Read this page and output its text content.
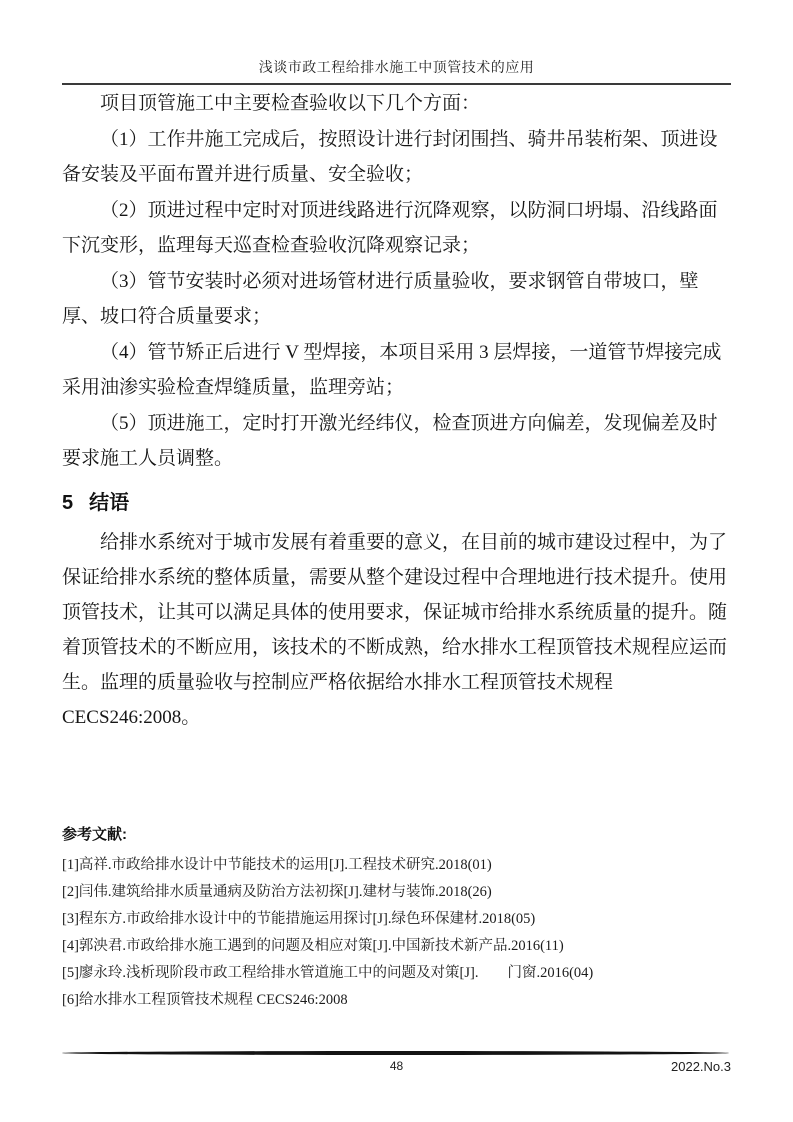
浅谈市政工程给排水施工中顶管技术的应用

项目顶管施工中主要检查验收以下几个方面：

（1）工作井施工完成后，按照设计进行封闭围挡、骑井吊装桁架、顶进设备安装及平面布置并进行质量、安全验收；

（2）顶进过程中定时对顶进线路进行沉降观察，以防洞口坍塌、沿线路面下沉变形，监理每天巡查检查验收沉降观察记录；

（3）管节安装时必须对进场管材进行质量验收，要求钢管自带坡口，壁厚、坡口符合质量要求；

（4）管节矫正后进行 V 型焊接，本项目采用 3 层焊接，一道管节焊接完成采用油渗实验检查焊缝质量，监理旁站；

（5）顶进施工，定时打开激光经纬仪，检查顶进方向偏差，发现偏差及时要求施工人员调整。

5 结语

给排水系统对于城市发展有着重要的意义，在目前的城市建设过程中，为了保证给排水系统的整体质量，需要从整个建设过程中合理地进行技术提升。使用顶管技术，让其可以满足具体的使用要求，保证城市给排水系统质量的提升。随着顶管技术的不断应用，该技术的不断成熟，给水排水工程顶管技术规程应运而生。监理的质量验收与控制应严格依据给水排水工程顶管技术规程 CECS246:2008。

参考文献:

[1]高祥.市政给排水设计中节能技术的运用[J].工程技术研究.2018(01)

[2]闫伟.建筑给排水质量通病及防治方法初探[J].建材与装饰.2018(26)

[3]程东方.市政给排水设计中的节能措施运用探讨[J].绿色环保建材.2018(05)

[4]郭泱君.市政给排水施工遇到的问题及相应对策[J].中国新技术新产品.2016(11)

[5]廖永玲.浅析现阶段市政工程给排水管道施工中的问题及对策[J].　　门窗.2016(04)

[6]给水排水工程顶管技术规程 CECS246:2008

48	2022.No.3
